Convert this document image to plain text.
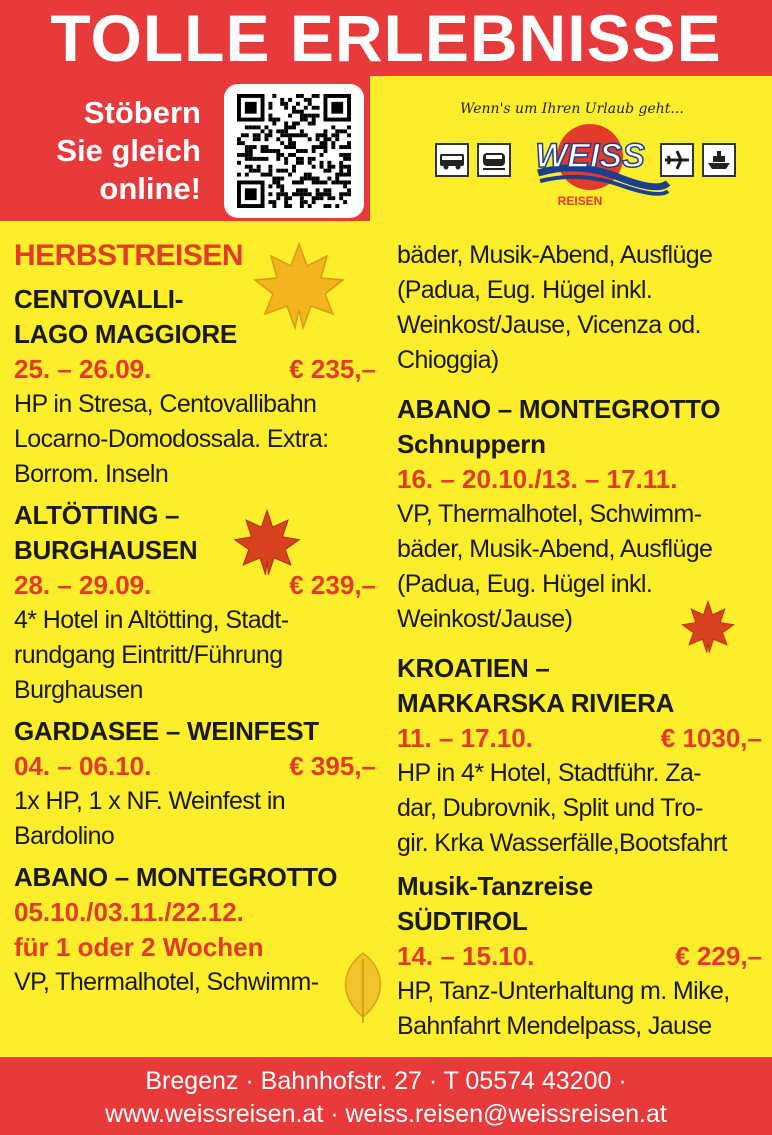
TOLLE ERLEBNISSE
Stöbern
Sie gleich
online!
Wenn's um Ihren Urlaub geht...
WEISS
REISEN
HERBSTREISEN
CENTOVALLI-
LAGO MAGGIORE
25. – 26.09.	€ 235,–
HP in Stresa, Centovallibahn
Locarno-Domodossala. Extra:
Borrom. Inseln
ALTÖTTING –
BURGHAUSEN
28. – 29.09.	€ 239,–
4* Hotel in Altötting, Stadt-
rundgang Eintritt/Führung
Burghausen
GARDASEE – WEINFEST
04. – 06.10.	€ 395,–
1x HP, 1 x NF. Weinfest in
Bardolino
ABANO – MONTEGROTTO
05.10./03.11./22.12.
für 1 oder 2 Wochen
VP, Thermalhotel, Schwimm-
bäder, Musik-Abend, Ausflüge
(Padua, Eug. Hügel inkl.
Weinkost/Jause, Vicenza od.
Chioggia)
ABANO – MONTEGROTTO
Schnuppern
16. – 20.10./13. – 17.11.
VP, Thermalhotel, Schwimm-
bäder, Musik-Abend, Ausflüge
(Padua, Eug. Hügel inkl.
Weinkost/Jause)
KROATIEN –
MARKARSKA RIVIERA
11. – 17.10.	€ 1030,–
HP in 4* Hotel, Stadtführ. Za-
dar, Dubrovnik, Split und Tro-
gir. Krka Wasserfälle,Bootsfahrt
Musik-Tanzreise
SÜDTIROL
14. – 15.10.	€ 229,–
HP, Tanz-Unterhaltung m. Mike,
Bahnfahrt Mendelpass, Jause
Bregenz · Bahnhofstr. 27 · T 05574 43200 ·
www.weissreisen.at · weiss.reisen@weissreisen.at
